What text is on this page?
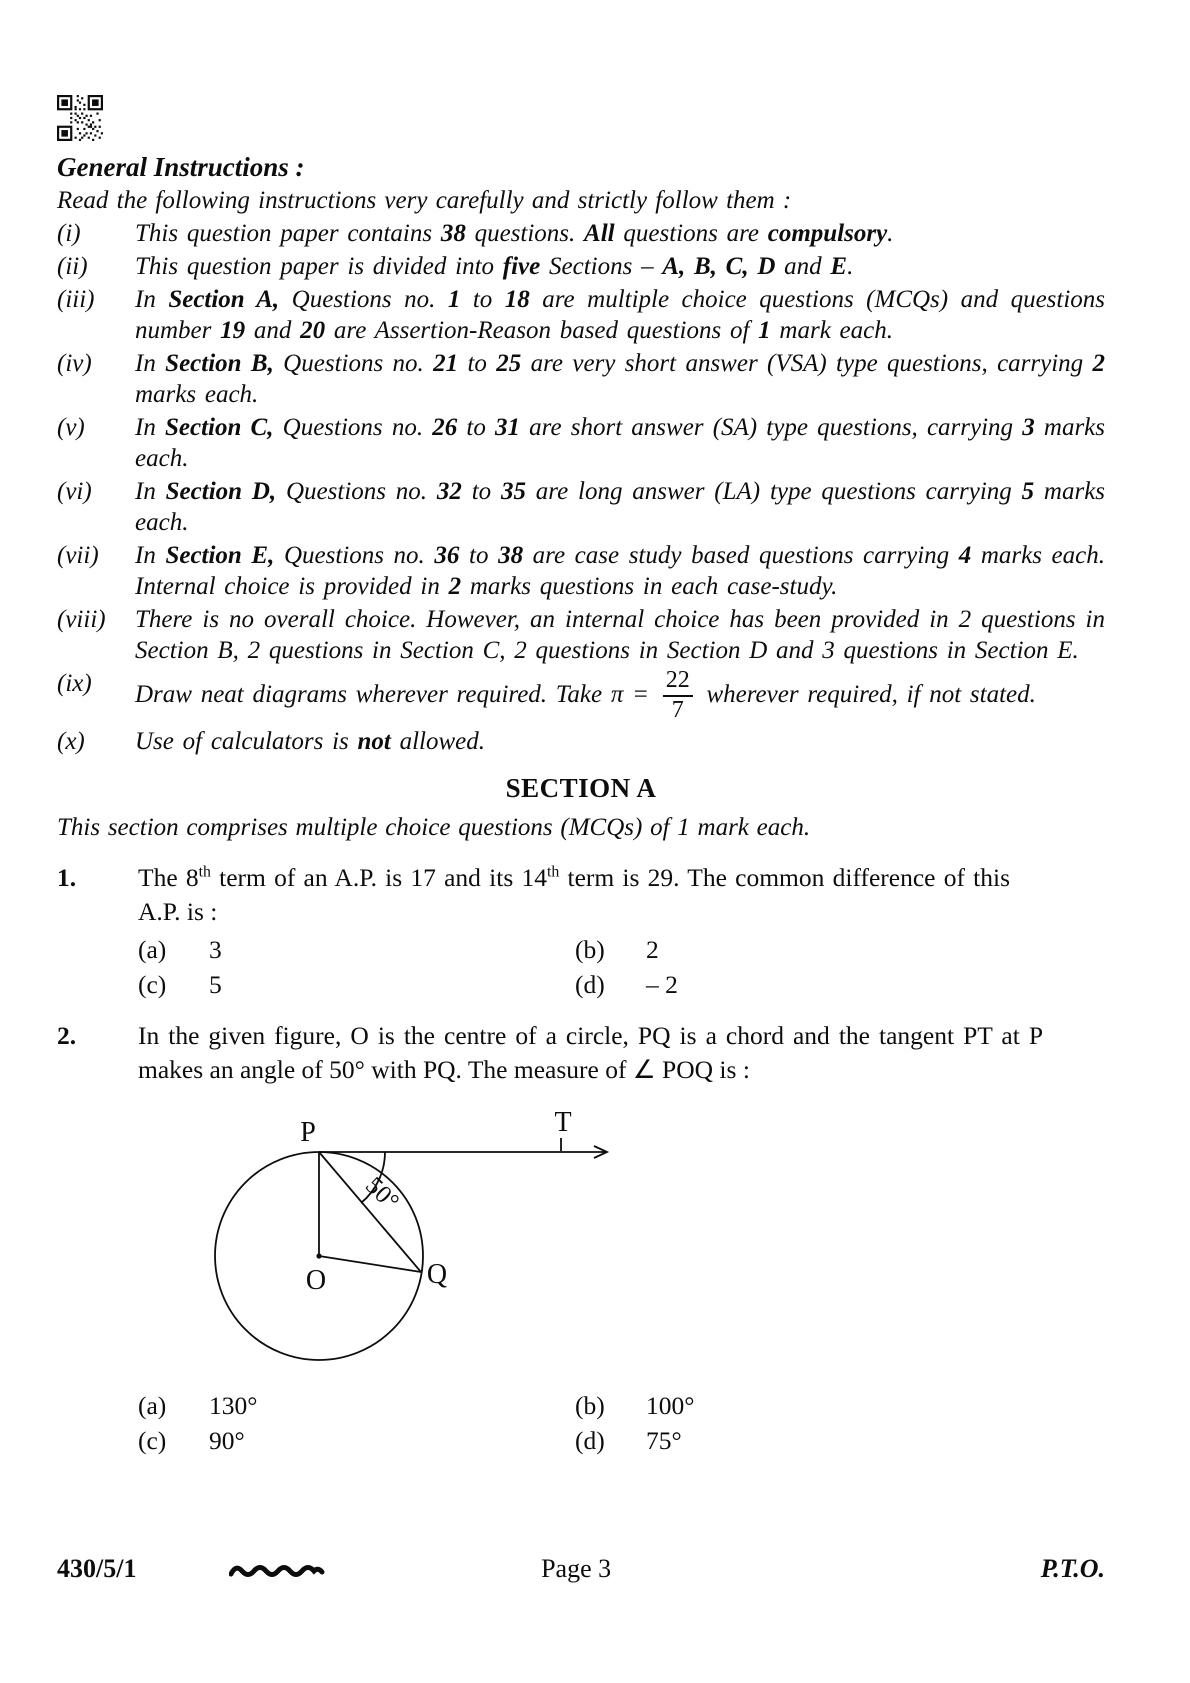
General Instructions :
Read the following instructions very carefully and strictly follow them :
(i) This question paper contains 38 questions. All questions are compulsory.
(ii) This question paper is divided into five Sections – A, B, C, D and E.
(iii) In Section A, Questions no. 1 to 18 are multiple choice questions (MCQs) and questions number 19 and 20 are Assertion-Reason based questions of 1 mark each.
(iv) In Section B, Questions no. 21 to 25 are very short answer (VSA) type questions, carrying 2 marks each.
(v) In Section C, Questions no. 26 to 31 are short answer (SA) type questions, carrying 3 marks each.
(vi) In Section D, Questions no. 32 to 35 are long answer (LA) type questions carrying 5 marks each.
(vii) In Section E, Questions no. 36 to 38 are case study based questions carrying 4 marks each. Internal choice is provided in 2 marks questions in each case-study.
(viii) There is no overall choice. However, an internal choice has been provided in 2 questions in Section B, 2 questions in Section C, 2 questions in Section D and 3 questions in Section E.
(ix) Draw neat diagrams wherever required. Take $\pi = \frac{22}{7}$ wherever required, if not stated.
(x) Use of calculators is not allowed.
SECTION A
This section comprises multiple choice questions (MCQs) of 1 mark each.
1. The 8th term of an A.P. is 17 and its 14th term is 29. The common difference of this A.P. is :
(a)	3	(b)	2
(c)	5	(d)	– 2
2. In the given figure, O is the centre of a circle, PQ is a chord and the tangent PT at P makes an angle of 50° with PQ. The measure of ∠ POQ is :
P	T
O	Q
50°
(a)	130°	(b)	100°
(c)	90°	(d)	75°
430/5/1	Page 3	P.T.O.
